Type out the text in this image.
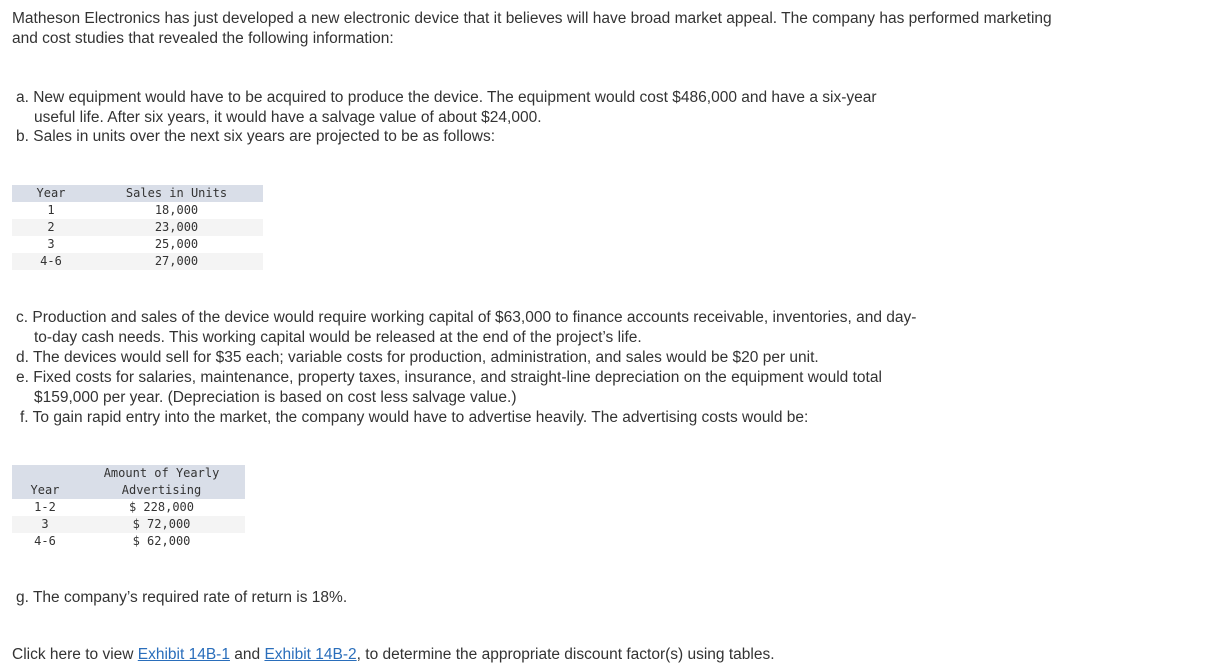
Matheson Electronics has just developed a new electronic device that it believes will have broad market appeal. The company has performed marketing and cost studies that revealed the following information:
a. New equipment would have to be acquired to produce the device. The equipment would cost $486,000 and have a six-year
useful life. After six years, it would have a salvage value of about $24,000.
b. Sales in units over the next six years are projected to be as follows:
Year	Sales in Units
1	18,000
2	23,000
3	25,000
4-6	27,000
c. Production and sales of the device would require working capital of $63,000 to finance accounts receivable, inventories, and day-
to-day cash needs. This working capital would be released at the end of the project’s life.
d. The devices would sell for $35 each; variable costs for production, administration, and sales would be $20 per unit.
e. Fixed costs for salaries, maintenance, property taxes, insurance, and straight-line depreciation on the equipment would total
$159,000 per year. (Depreciation is based on cost less salvage value.)
f. To gain rapid entry into the market, the company would have to advertise heavily. The advertising costs would be:
Year	Amount of Yearly Advertising

1-2	$ 228,000
3	$ 72,000
4-6	$ 62,000
g. The company’s required rate of return is 18%.
Click here to view Exhibit 14B-1 and Exhibit 14B-2, to determine the appropriate discount factor(s) using tables.
